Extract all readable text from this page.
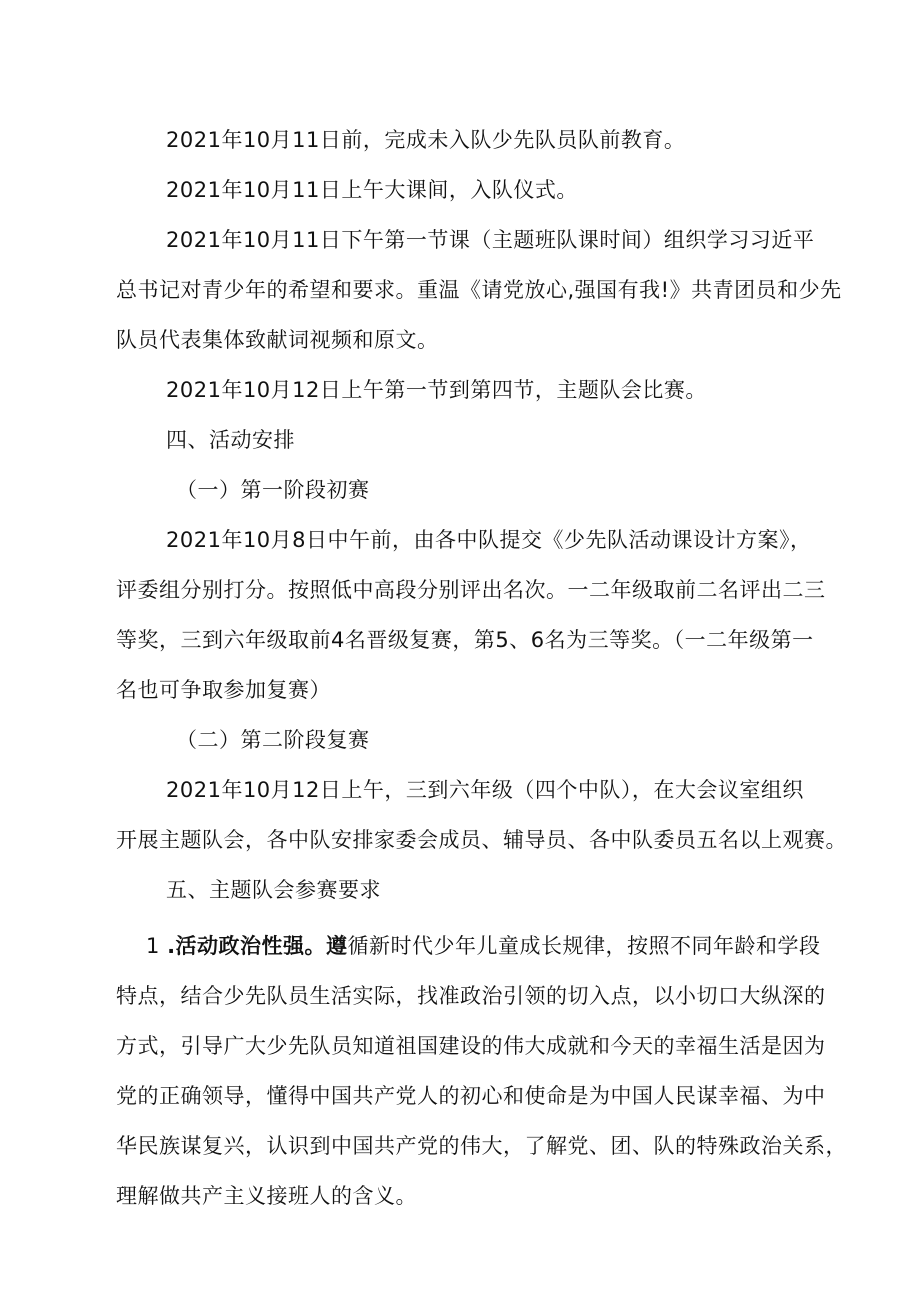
2021年10月11日前，完成未入队少先队员队前教育。
2021年10月11日上午大课间，入队仪式。
2021年10月11日下午第一节课（主题班队课时间）组织学习习近平
总书记对青少年的希望和要求。重温《请党放心,强国有我!》共青团员和少先
队员代表集体致献词视频和原文。
2021年10月12日上午第一节到第四节，主题队会比赛。
四、活动安排
（一）第一阶段初赛
2021年10月8日中午前，由各中队提交《少先队活动课设计方案》，
评委组分别打分。按照低中高段分别评出名次。一二年级取前二名评出二三
等奖，三到六年级取前4名晋级复赛，第5、6名为三等奖。（一二年级第一
名也可争取参加复赛）
（二）第二阶段复赛
2021年10月12日上午，三到六年级（四个中队），在大会议室组织
开展主题队会，各中队安排家委会成员、辅导员、各中队委员五名以上观赛。
五、主题队会参赛要求
1 .活动政治性强。遵循新时代少年儿童成长规律，按照不同年龄和学段
特点，结合少先队员生活实际，找准政治引领的切入点，以小切口大纵深的
方式，引导广大少先队员知道祖国建设的伟大成就和今天的幸福生活是因为
党的正确领导，懂得中国共产党人的初心和使命是为中国人民谋幸福、为中
华民族谋复兴，认识到中国共产党的伟大，了解党、团、队的特殊政治关系，
理解做共产主义接班人的含义。
